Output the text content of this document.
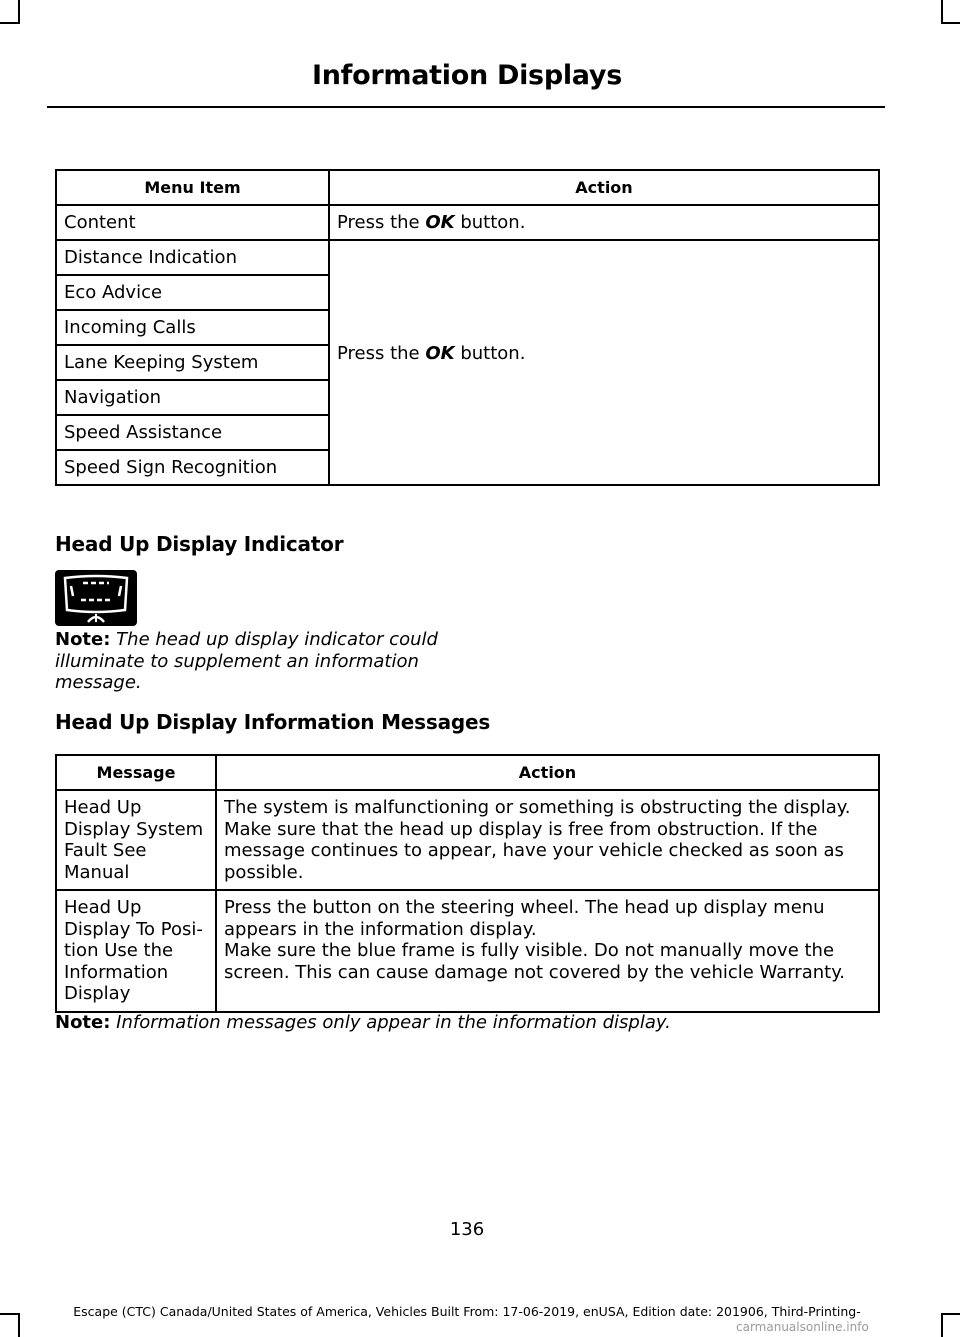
Information Displays
Menu Item	Action
Content	Press the OK button.
Distance Indication	Press the OK button.
Eco Advice	
Incoming Calls	
Lane Keeping System	
Navigation	
Speed Assistance	
Speed Sign Recognition	
Head Up Display Indicator
Note: The head up display indicator could illuminate to supplement an information message.
Head Up Display Information Messages
Message	Action
Head Up Display System Fault See Manual	The system is malfunctioning or something is obstructing the display. Make sure that the head up display is free from obstruction. If the message continues to appear, have your vehicle checked as soon as possible.

Head Up Display To Posi-tion Use the Information Display	Press the button on the steering wheel. The head up display menu appears in the information display.
Make sure the blue frame is fully visible. Do not manually move the screen. This can cause damage not covered by the vehicle Warranty.
Note: Information messages only appear in the information display.
136
Escape (CTC) Canada/United States of America, Vehicles Built From: 17-06-2019, enUSA, Edition date: 201906, Third-Printing-
carmanualsonline.info
